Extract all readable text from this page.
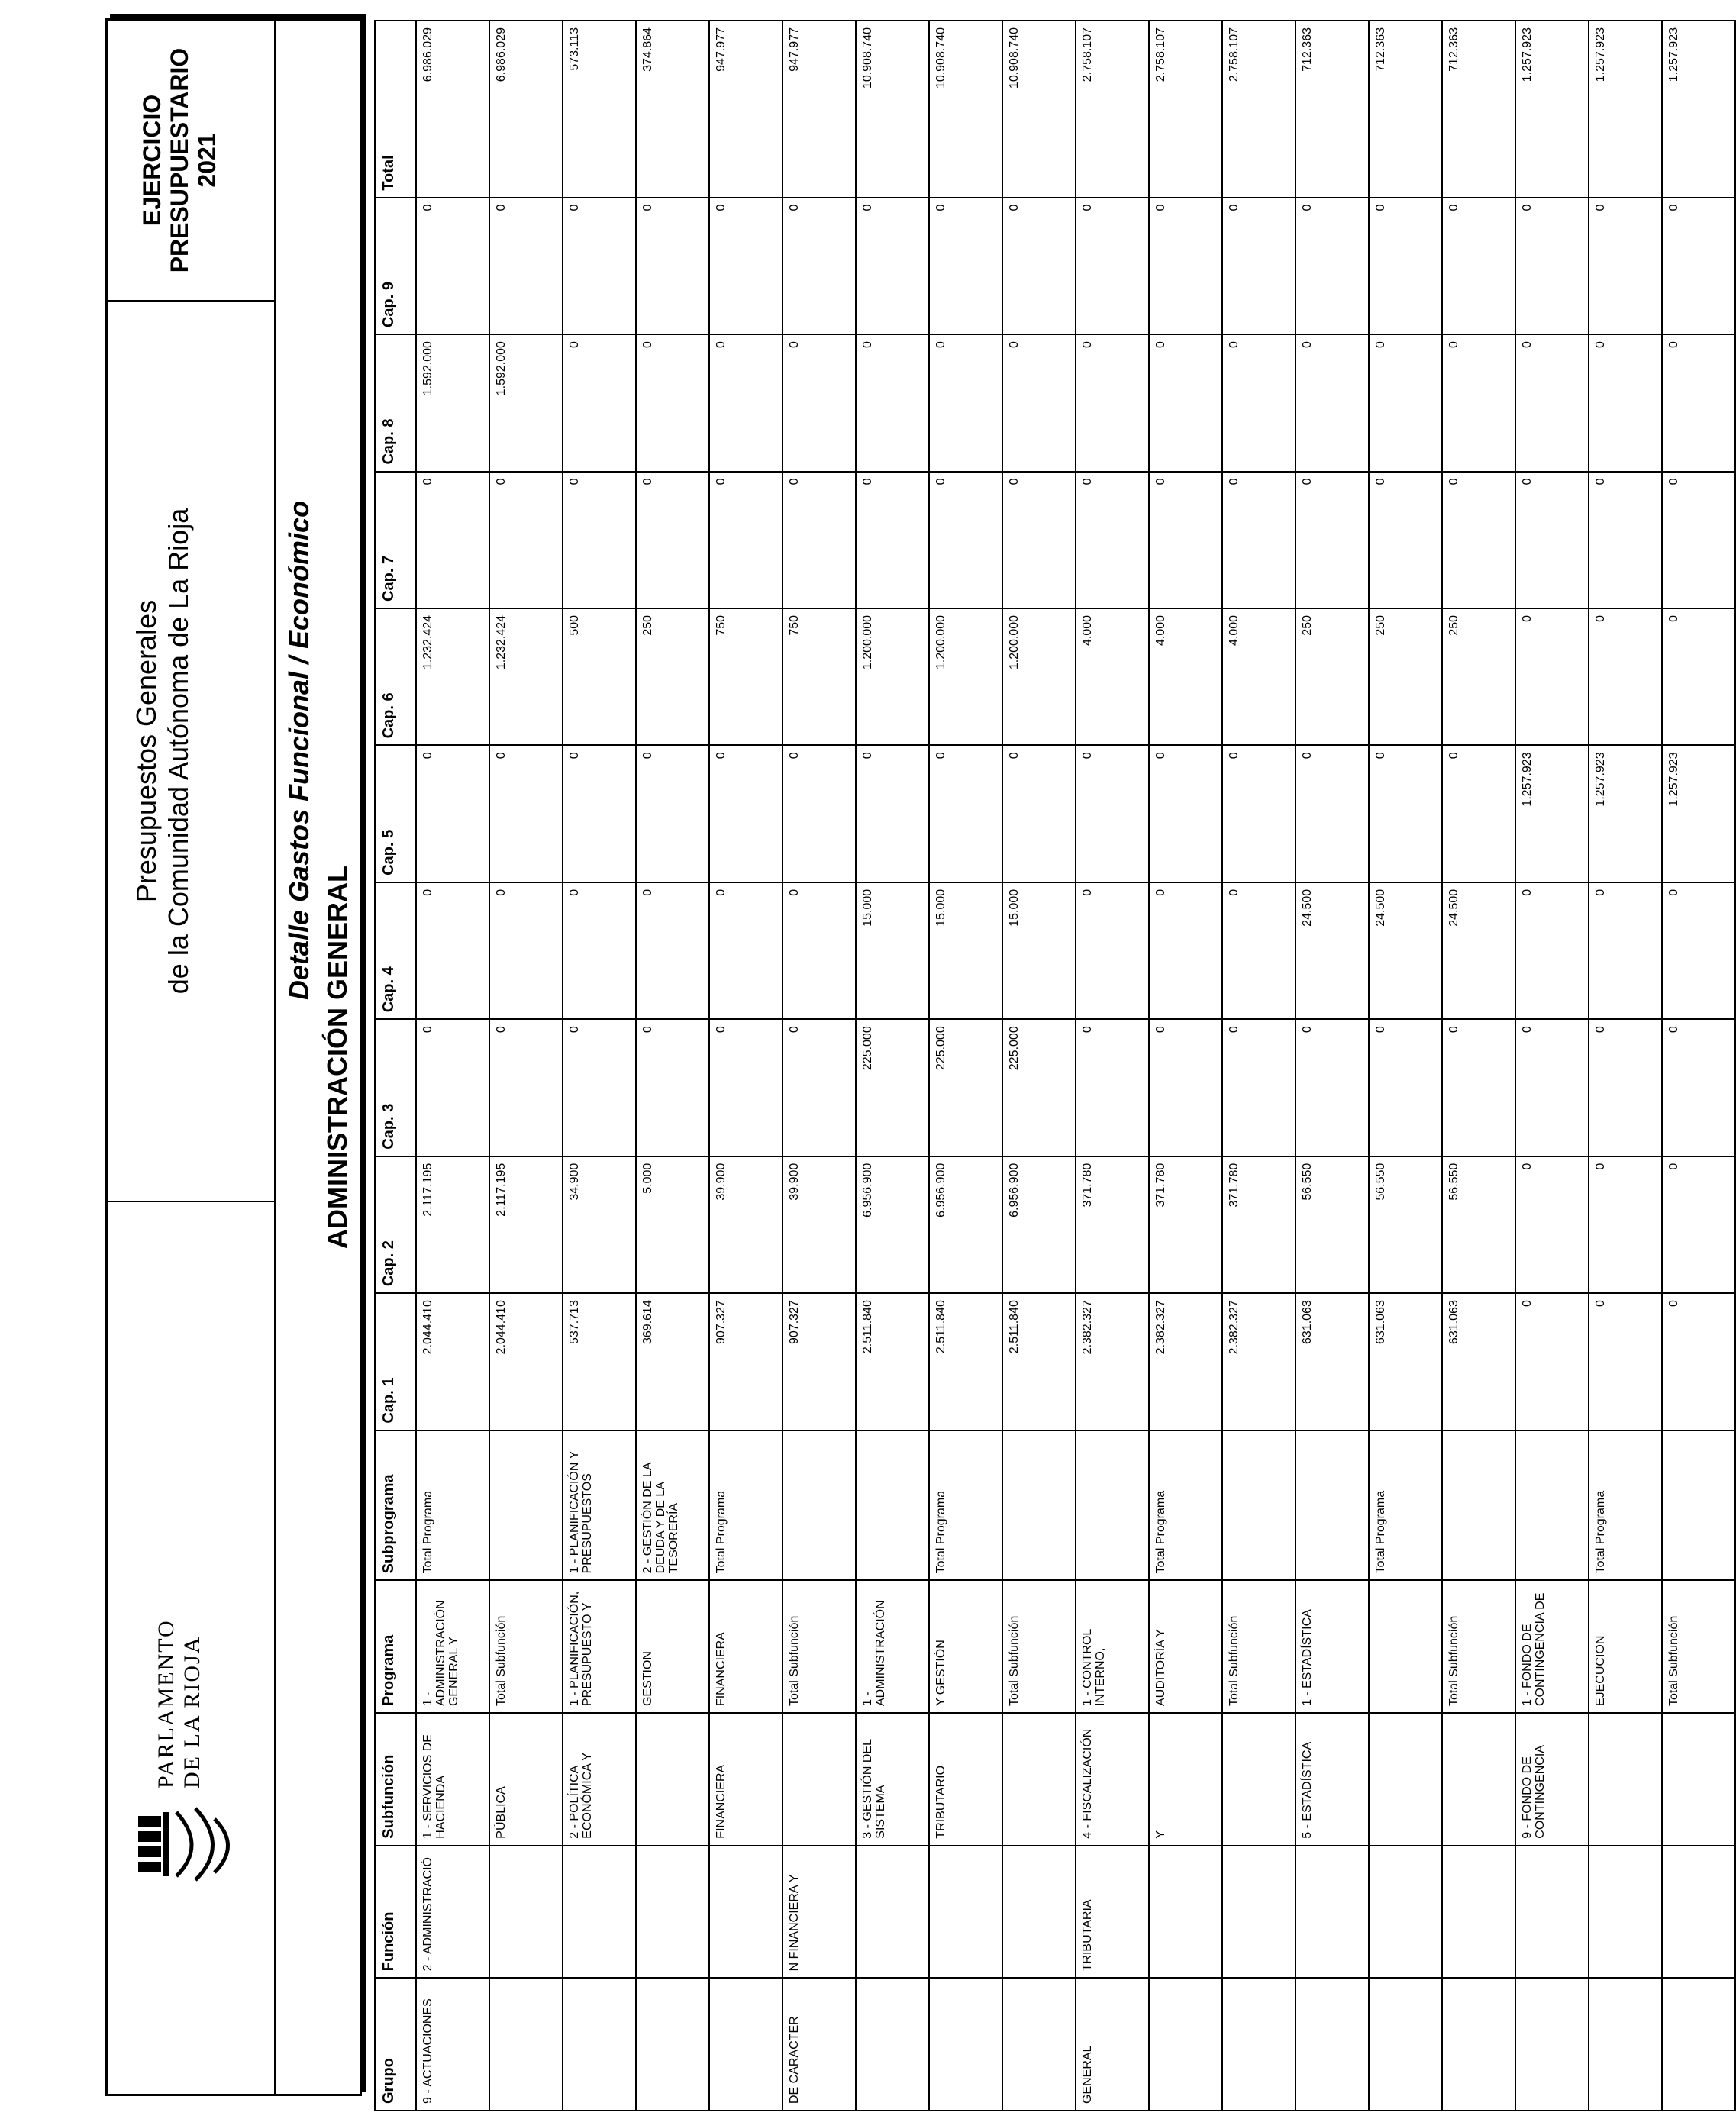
PARLAMENTO DE LA RIOJA
Presupuestos Generales de la Comunidad Autónoma de La Rioja
EJERCICIO PRESUPUESTARIO 2021
Detalle Gastos Funcional / Económico
ADMINISTRACIÓN GENERAL
Grupo	Función	Subfunción	Programa	Subprograma	Cap. 1	Cap. 2	Cap. 3	Cap. 4	Cap. 5	Cap. 6	Cap. 7	Cap. 8	Cap. 9	Total
9 - ACTUACIONES	2 - ADMINISTRACIÓ	1 - SERVICIOS DE HACIENDA	1 - ADMINISTRACIÓN GENERAL Y	Total Programa	2.044.410	2.117.195	0	0	0	1.232.424	0	1.592.000	0	6.986.029
		PÚBLICA	Total Subfunción		2.044.410	2.117.195	0	0	0	1.232.424	0	1.592.000	0	6.986.029
		2 - POLÍTICA ECONÓMICA Y	1 - PLANIFICACIÓN, PRESUPUESTO Y	1 - PLANIFICACIÓN Y PRESUPUESTOS	537.713	34.900	0	0	0	500	0	0	0	573.113
			GESTION	2 - GESTIÓN DE LA DEUDA Y DE LA TESORERÍA	369.614	5.000	0	0	0	250	0	0	0	374.864
		FINANCIERA	FINANCIERA	Total Programa	907.327	39.900	0	0	0	750	0	0	0	947.977
DE CARACTER	N FINANCIERA Y		Total Subfunción		907.327	39.900	0	0	0	750	0	0	0	947.977
		3 - GESTIÓN DEL SISTEMA	1 - ADMINISTRACIÓN		2.511.840	6.956.900	225.000	15.000	0	1.200.000	0	0	0	10.908.740
		TRIBUTARIO	Y GESTIÓN	Total Programa	2.511.840	6.956.900	225.000	15.000	0	1.200.000	0	0	0	10.908.740
			Total Subfunción		2.511.840	6.956.900	225.000	15.000	0	1.200.000	0	0	0	10.908.740
GENERAL	TRIBUTARIA	4 - FISCALIZACIÓN	1 - CONTROL INTERNO,		2.382.327	371.780	0	0	0	4.000	0	0	0	2.758.107
		Y	AUDITORÍA Y	Total Programa	2.382.327	371.780	0	0	0	4.000	0	0	0	2.758.107
			Total Subfunción		2.382.327	371.780	0	0	0	4.000	0	0	0	2.758.107
		5 - ESTADÍSTICA	1 - ESTADÍSTICA		631.063	56.550	0	24.500	0	250	0	0	0	712.363
				Total Programa	631.063	56.550	0	24.500	0	250	0	0	0	712.363
			Total Subfunción		631.063	56.550	0	24.500	0	250	0	0	0	712.363
		9 - FONDO DE CONTINGENCIA	1 - FONDO DE CONTINGENCIA DE		0	0	0	0	1.257.923	0	0	0	0	1.257.923
			EJECUCION	Total Programa	0	0	0	0	1.257.923	0	0	0	0	1.257.923
			Total Subfunción		0	0	0	0	1.257.923	0	0	0	0	1.257.923
